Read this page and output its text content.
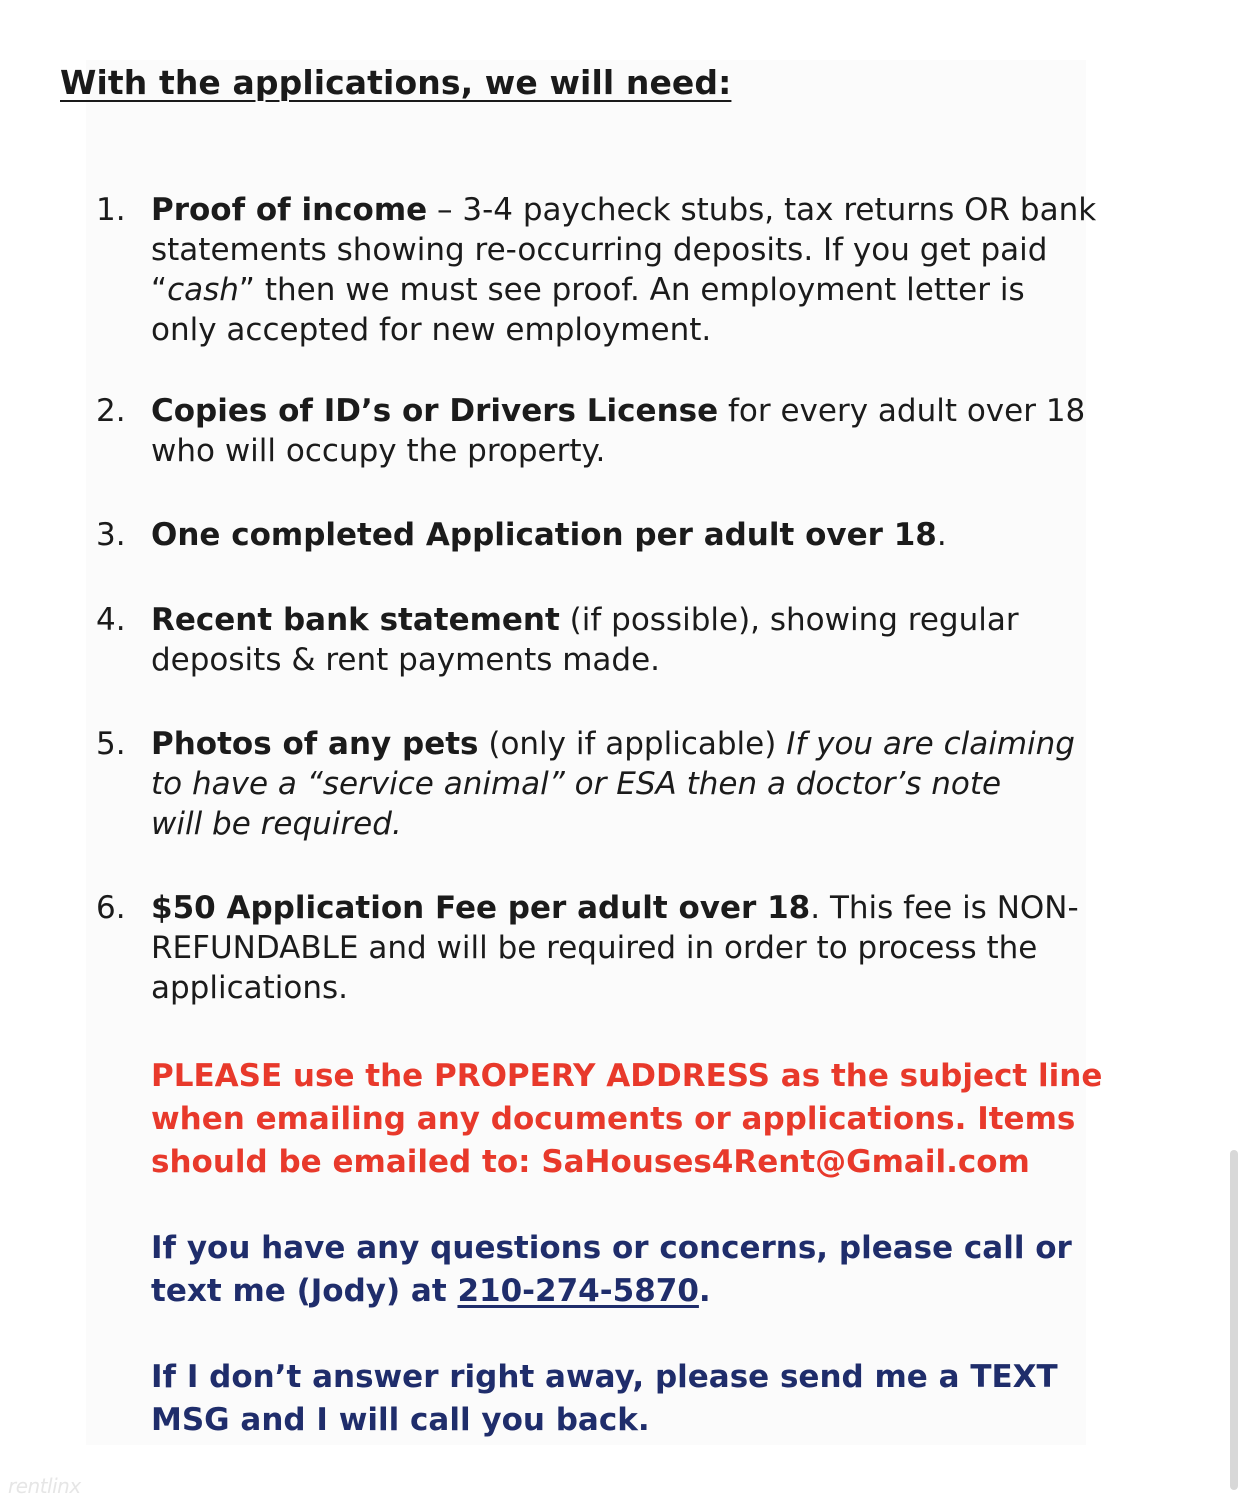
With the applications, we will need:
1. Proof of income – 3-4 paycheck stubs, tax returns OR bank
statements showing re-occurring deposits. If you get paid
“cash” then we must see proof. An employment letter is
only accepted for new employment.
2. Copies of ID’s or Drivers License for every adult over 18
who will occupy the property.
3. One completed Application per adult over 18.
4. Recent bank statement (if possible), showing regular
deposits & rent payments made.
5. Photos of any pets (only if applicable) If you are claiming
to have a “service animal” or ESA then a doctor’s note
will be required.
6. $50 Application Fee per adult over 18. This fee is NON-
REFUNDABLE and will be required in order to process the
applications.
PLEASE use the PROPERY ADDRESS as the subject line
when emailing any documents or applications. Items
should be emailed to: SaHouses4Rent@Gmail.com
If you have any questions or concerns, please call or
text me (Jody) at 210-274-5870.
If I don’t answer right away, please send me a TEXT
MSG and I will call you back.
rentlinx
